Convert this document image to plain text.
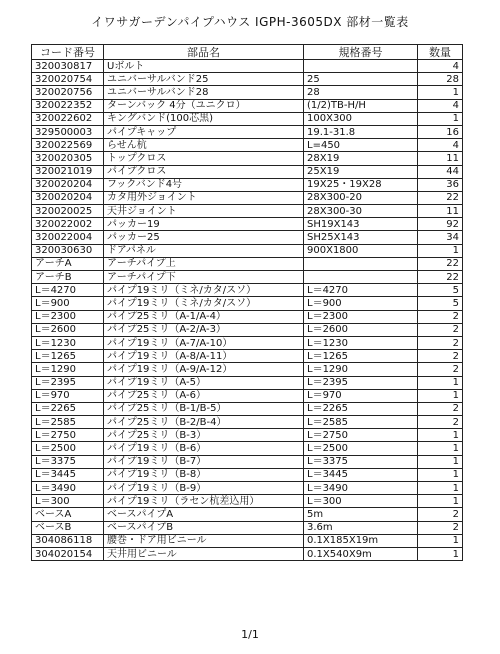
イワサガーデンパイプハウス IGPH-3605DX 部材一覧表
コード番号	部品名	規格番号	数量
320030817	Uボルト		4
320020754	ユニバーサルバンド25	25	28
320020756	ユニバーサルバンド28	28	1
320022352	ターンバック 4分（ユニクロ）	(1/2)TB-H/H	4
320022602	キングバンド(100芯黒)	100X300	1
329500003	パイプキャップ	19.1-31.8	16
320022569	らせん杭	L=450	4
320020305	トップクロス	28X19	11
320021019	パイプクロス	25X19	44
320020204	フックバンド4号	19X25・19X28	36
320020204	カタ用外ジョイント	28X300-20	22
320020025	天井ジョイント	28X300-30	11
320022002	パッカー19	SH19X143	92
320022004	パッカー25	SH25X143	34
320030630	ドアパネル	900X1800	1
アーチA	アーチパイプ上		22
アーチB	アーチパイプ下		22
L＝4270	パイプ19ミリ（ミネ/カタ/スソ）	L＝4270	5
L＝900	パイプ19ミリ（ミネ/カタ/スソ）	L＝900	5
L＝2300	パイプ25ミリ（A-1/A-4）	L＝2300	2
L＝2600	パイプ25ミリ（A-2/A-3）	L＝2600	2
L＝1230	パイプ19ミリ（A-7/A-10）	L＝1230	2
L＝1265	パイプ19ミリ（A-8/A-11）	L＝1265	2
L＝1290	パイプ19ミリ（A-9/A-12）	L＝1290	2
L＝2395	パイプ19ミリ（A-5）	L＝2395	1
L＝970	パイプ25ミリ（A-6）	L＝970	1
L＝2265	パイプ25ミリ（B-1/B-5）	L＝2265	2
L＝2585	パイプ25ミリ（B-2/B-4）	L＝2585	2
L＝2750	パイプ25ミリ（B-3）	L＝2750	1
L＝2500	パイプ19ミリ（B-6）	L＝2500	1
L＝3375	パイプ19ミリ（B-7）	L＝3375	1
L＝3445	パイプ19ミリ（B-8）	L＝3445	1
L＝3490	パイプ19ミリ（B-9）	L＝3490	1
L＝300	パイプ19ミリ（ラセン杭差込用）	L＝300	1
ベースA	ベースパイプA	5m	2
ベースB	ベースパイプB	3.6m	2
304086118	腰巻・ドア用ビニール	0.1X185X19m	1
304020154	天井用ビニール	0.1X540X9m	1
1/1
